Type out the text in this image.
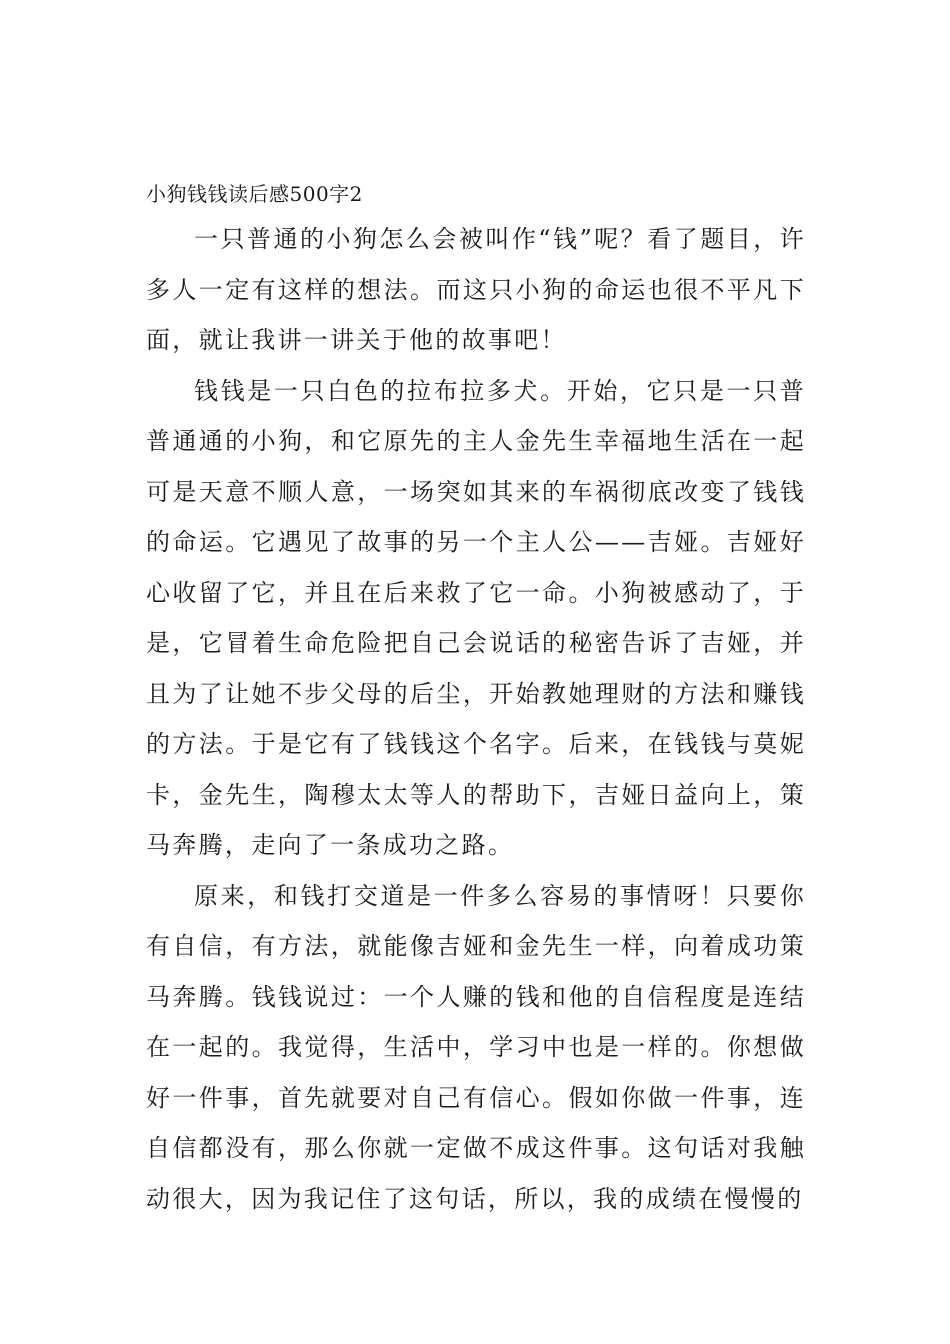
小狗钱钱读后感500字2

一只普通的小狗怎么会被叫作“钱”呢？看了题目，许多人一定有这样的想法。而这只小狗的命运也很不平凡下面，就让我讲一讲关于他的故事吧！

钱钱是一只白色的拉布拉多犬。开始，它只是一只普普通通的小狗，和它原先的主人金先生幸福地生活在一起可是天意不顺人意，一场突如其来的车祸彻底改变了钱钱的命运。它遇见了故事的另一个主人公——吉娅。吉娅好心收留了它，并且在后来救了它一命。小狗被感动了，于是，它冒着生命危险把自己会说话的秘密告诉了吉娅，并且为了让她不步父母的后尘，开始教她理财的方法和赚钱的方法。于是它有了钱钱这个名字。后来，在钱钱与莫妮卡，金先生，陶穆太太等人的帮助下，吉娅日益向上，策马奔腾，走向了一条成功之路。

原来，和钱打交道是一件多么容易的事情呀！只要你有自信，有方法，就能像吉娅和金先生一样，向着成功策马奔腾。钱钱说过：一个人赚的钱和他的自信程度是连结在一起的。我觉得，生活中，学习中也是一样的。你想做好一件事，首先就要对自己有信心。假如你做一件事，连自信都没有，那么你就一定做不成这件事。这句话对我触动很大，因为我记住了这句话，所以，我的成绩在慢慢的
